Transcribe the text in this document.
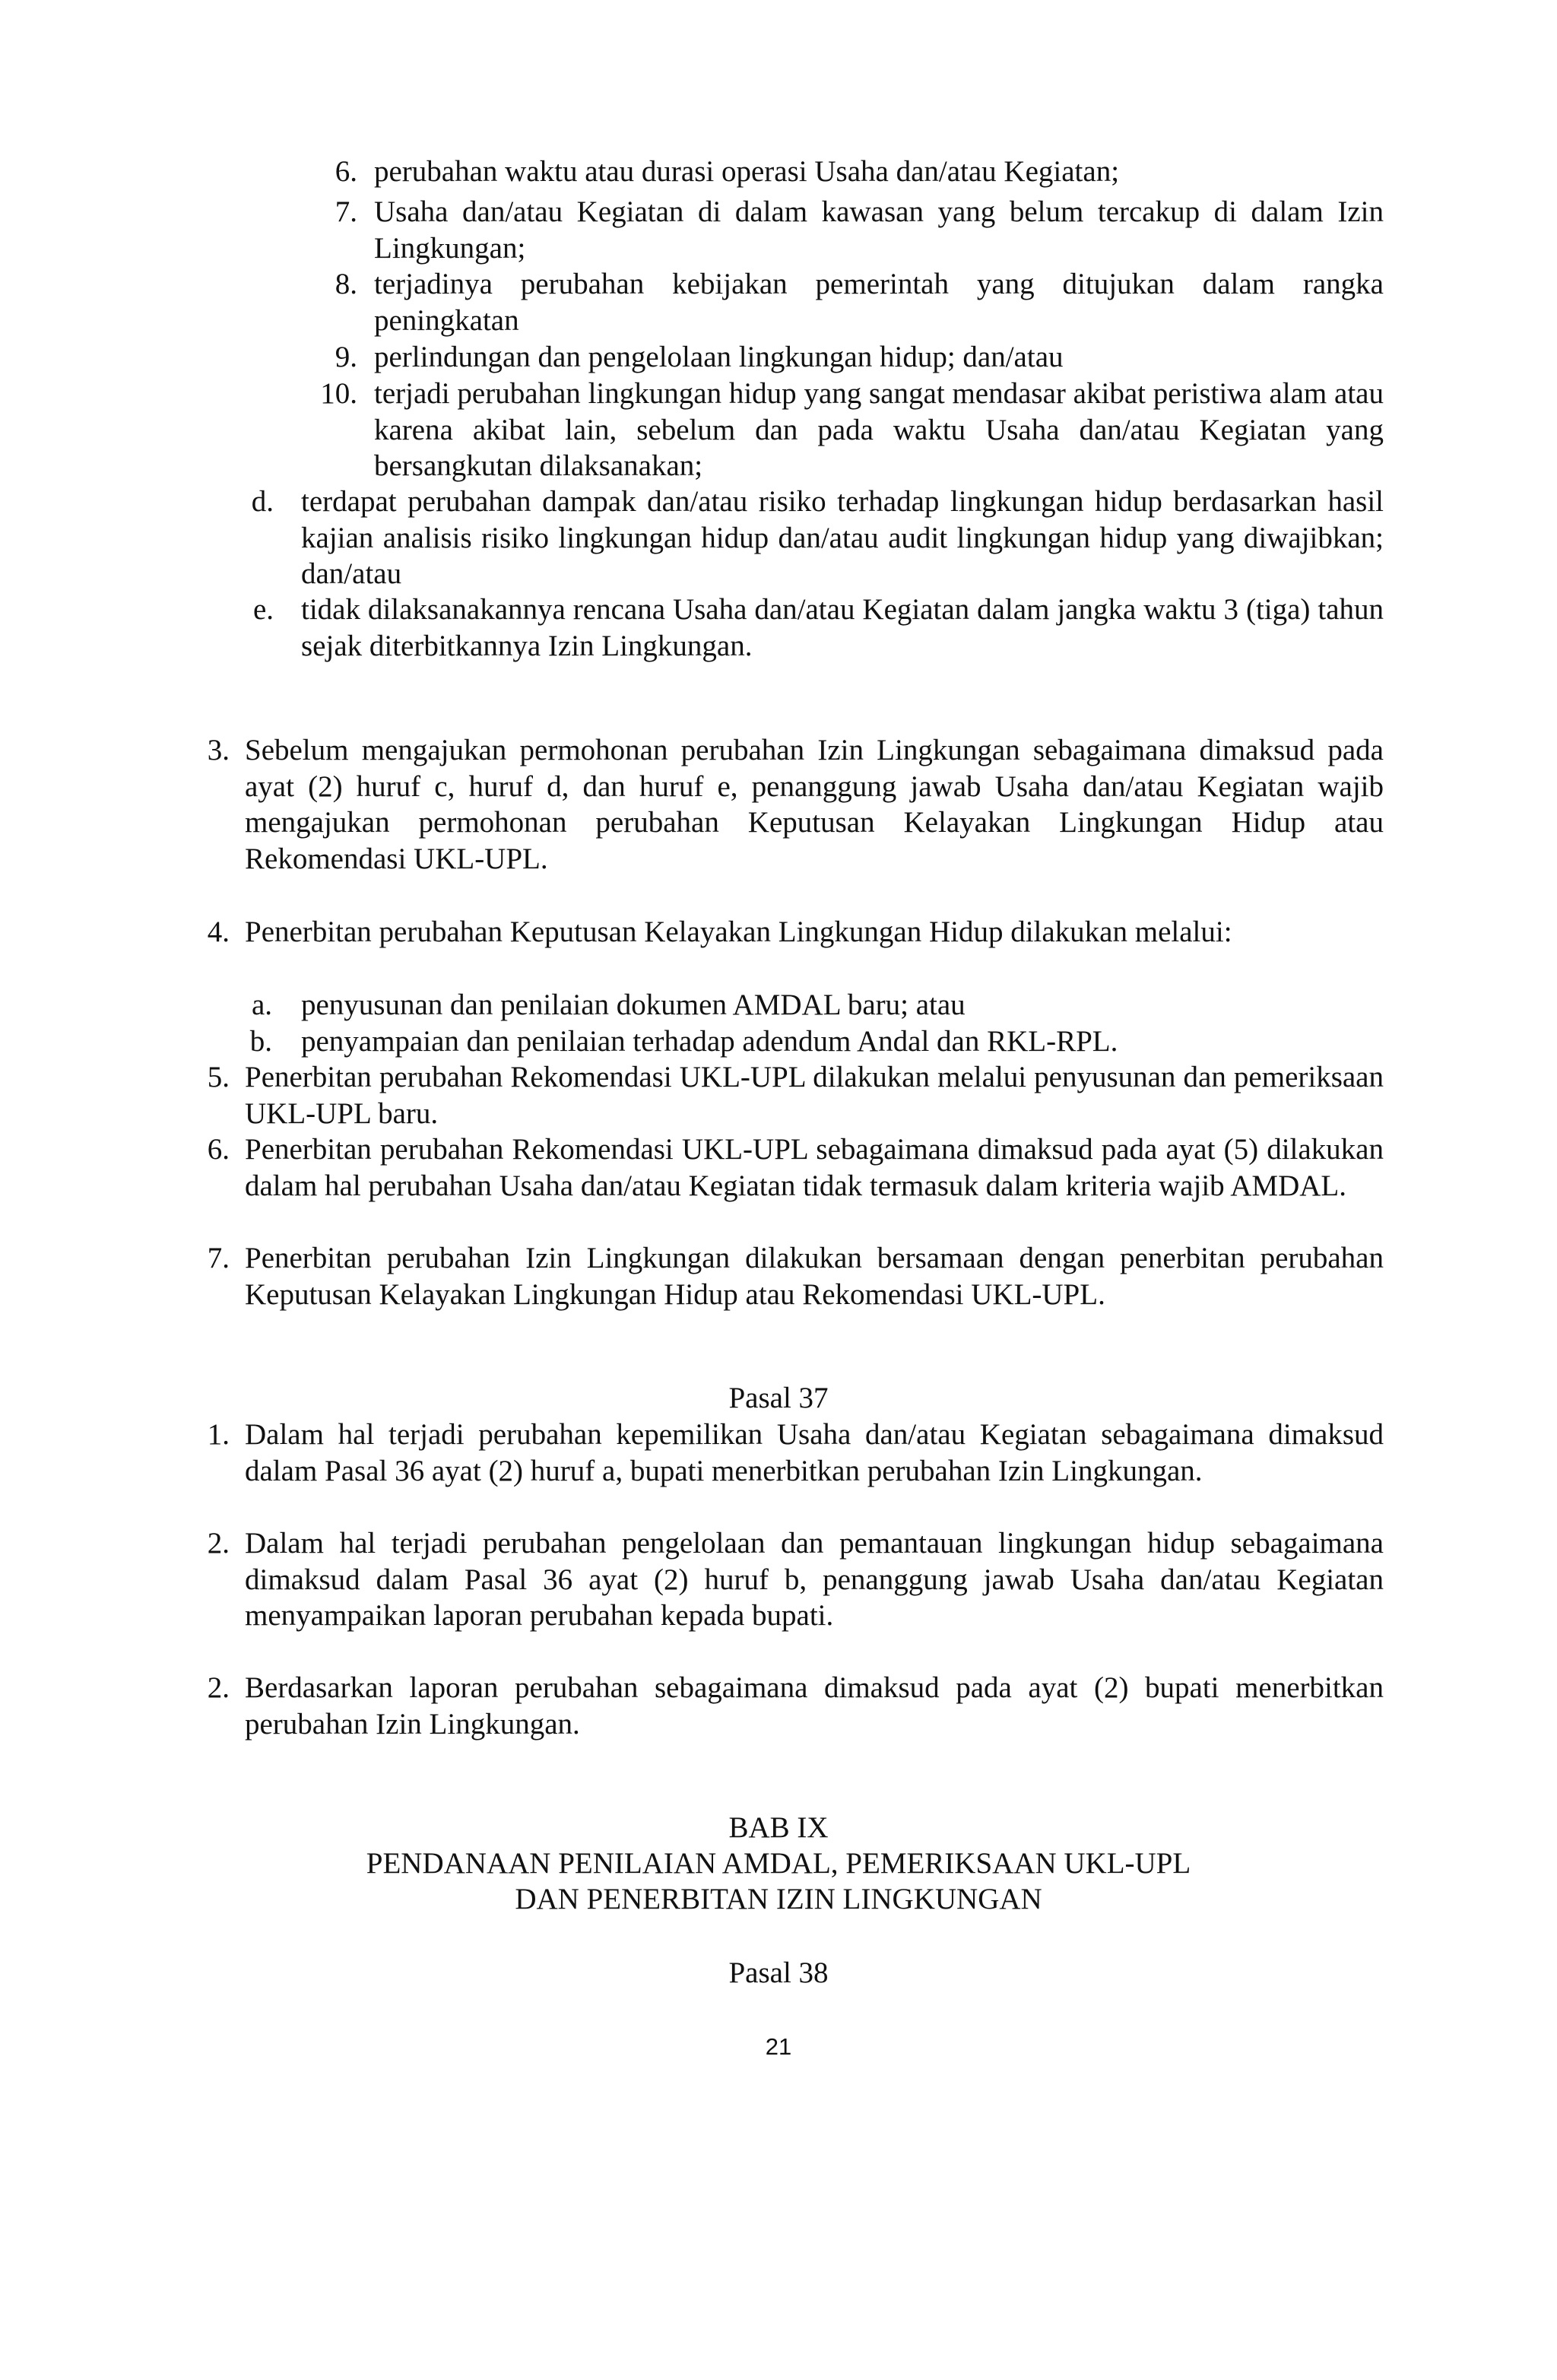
6. perubahan waktu atau durasi operasi Usaha dan/atau Kegiatan;
7. Usaha dan/atau Kegiatan di dalam kawasan yang belum tercakup di dalam Izin Lingkungan;
8. terjadinya perubahan kebijakan pemerintah yang ditujukan dalam rangka peningkatan
9. perlindungan dan pengelolaan lingkungan hidup; dan/atau
10. terjadi perubahan lingkungan hidup yang sangat mendasar akibat peristiwa alam atau karena akibat lain, sebelum dan pada waktu Usaha dan/atau Kegiatan yang bersangkutan dilaksanakan;
d. terdapat perubahan dampak dan/atau risiko terhadap lingkungan hidup berdasarkan hasil kajian analisis risiko lingkungan hidup dan/atau audit lingkungan hidup yang diwajibkan; dan/atau
e. tidak dilaksanakannya rencana Usaha dan/atau Kegiatan dalam jangka waktu 3 (tiga) tahun sejak diterbitkannya Izin Lingkungan.
3. Sebelum mengajukan permohonan perubahan Izin Lingkungan sebagaimana dimaksud pada ayat (2) huruf c, huruf d, dan huruf e, penanggung jawab Usaha dan/atau Kegiatan wajib mengajukan permohonan perubahan Keputusan Kelayakan Lingkungan Hidup atau Rekomendasi UKL-UPL.
4. Penerbitan perubahan Keputusan Kelayakan Lingkungan Hidup dilakukan melalui:
a. penyusunan dan penilaian dokumen AMDAL baru; atau
b. penyampaian dan penilaian terhadap adendum Andal dan RKL-RPL.
5. Penerbitan perubahan Rekomendasi UKL-UPL dilakukan melalui penyusunan dan pemeriksaan UKL-UPL baru.
6. Penerbitan perubahan Rekomendasi UKL-UPL sebagaimana dimaksud pada ayat (5) dilakukan dalam hal perubahan Usaha dan/atau Kegiatan tidak termasuk dalam kriteria wajib AMDAL.
7. Penerbitan perubahan Izin Lingkungan dilakukan bersamaan dengan penerbitan perubahan Keputusan Kelayakan Lingkungan Hidup atau Rekomendasi UKL-UPL.

Pasal 37

1. Dalam hal terjadi perubahan kepemilikan Usaha dan/atau Kegiatan sebagaimana dimaksud dalam Pasal 36 ayat (2) huruf a, bupati menerbitkan perubahan Izin Lingkungan.
2. Dalam hal terjadi perubahan pengelolaan dan pemantauan lingkungan hidup sebagaimana dimaksud dalam Pasal 36 ayat (2) huruf b, penanggung jawab Usaha dan/atau Kegiatan menyampaikan laporan perubahan kepada bupati.
2. Berdasarkan laporan perubahan sebagaimana dimaksud pada ayat (2) bupati menerbitkan perubahan Izin Lingkungan.

BAB IX

PENDANAAN PENILAIAN AMDAL, PEMERIKSAAN UKL-UPL

DAN PENERBITAN IZIN LINGKUNGAN

Pasal 38

21
